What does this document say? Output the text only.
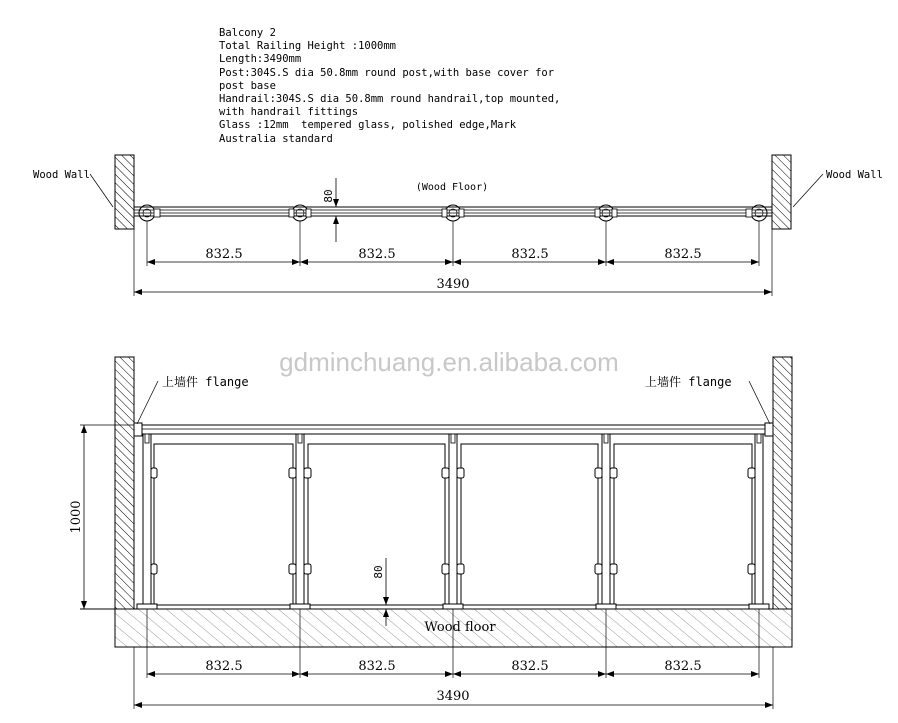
Balcony 2
Total Railing Height :1000mm
Length:3490mm
Post:304S.S dia 50.8mm round post,with base cover for
post base
Handrail:304S.S dia 50.8mm round handrail,top mounted,
with handrail fittings
Glass :12mm  tempered glass, polished edge,Mark
Australia standard
gdminchuang.en.alibaba.com
Wood Wall	Wood Wall
(Wood Floor)
80
832.5	832.5	832.5	832.5
3490
上墙件 flange	上墙件 flange
1000
80
Wood floor
832.5	832.5	832.5	832.5
3490
